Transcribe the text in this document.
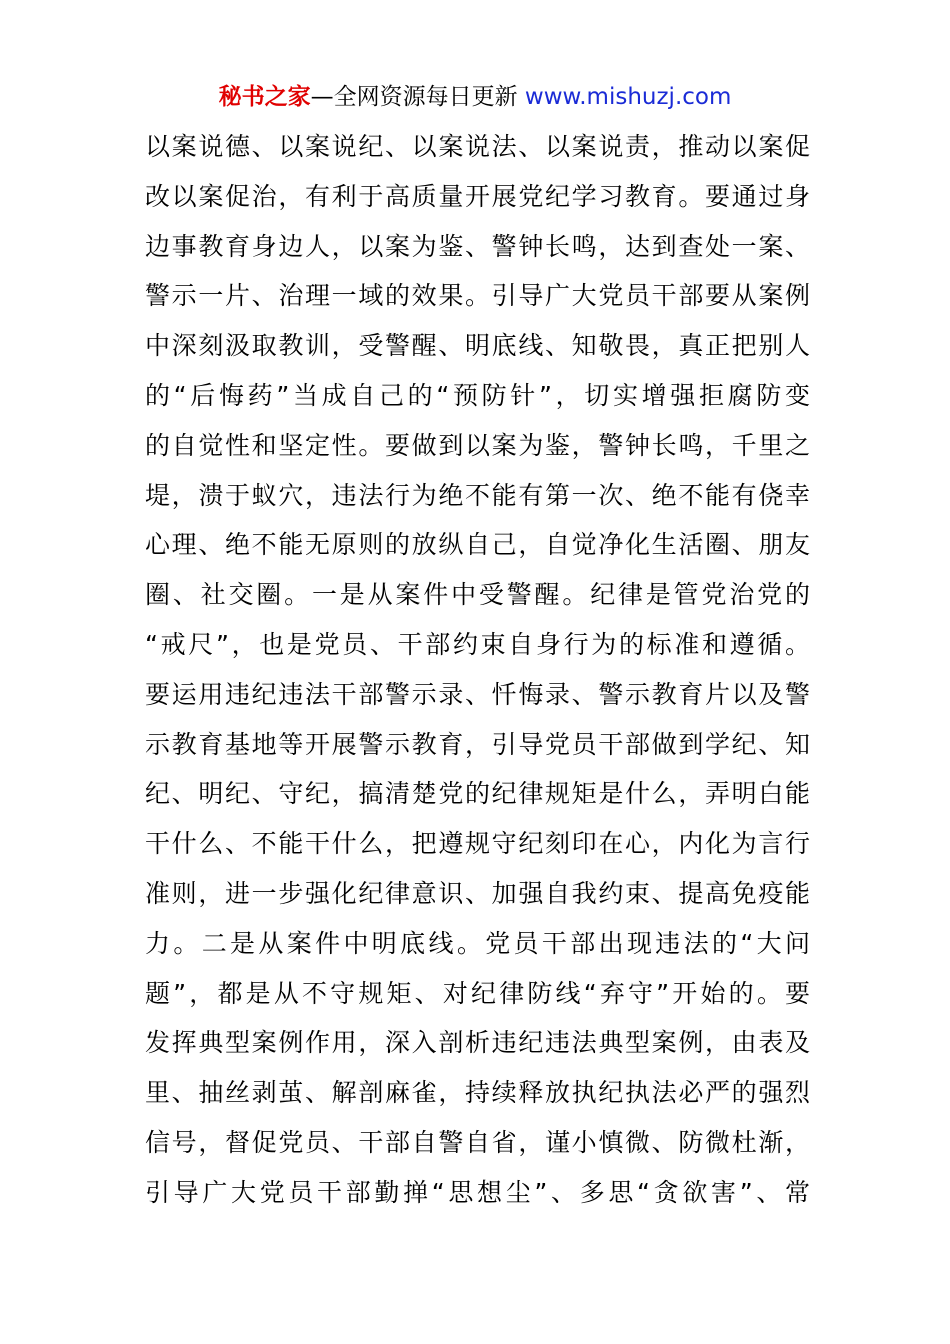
秘书之家—全网资源每日更新 www.mishuzj.com
以案说德、以案说纪、以案说法、以案说责，推动以案促
改以案促治，有利于高质量开展党纪学习教育。要通过身
边事教育身边人，以案为鉴、警钟长鸣，达到查处一案、
警示一片、治理一域的效果。引导广大党员干部要从案例
中深刻汲取教训，受警醒、明底线、知敬畏，真正把别人
的“后悔药”当成自己的“预防针”，切实增强拒腐防变
的自觉性和坚定性。要做到以案为鉴，警钟长鸣，千里之
堤，溃于蚁穴，违法行为绝不能有第一次、绝不能有侥幸
心理、绝不能无原则的放纵自己，自觉净化生活圈、朋友
圈、社交圈。一是从案件中受警醒。纪律是管党治党的
“戒尺”，也是党员、干部约束自身行为的标准和遵循。
要运用违纪违法干部警示录、忏悔录、警示教育片以及警
示教育基地等开展警示教育，引导党员干部做到学纪、知
纪、明纪、守纪，搞清楚党的纪律规矩是什么，弄明白能
干什么、不能干什么，把遵规守纪刻印在心，内化为言行
准则，进一步强化纪律意识、加强自我约束、提高免疫能
力。二是从案件中明底线。党员干部出现违法的“大问
题”，都是从不守规矩、对纪律防线“弃守”开始的。要
发挥典型案例作用，深入剖析违纪违法典型案例，由表及
里、抽丝剥茧、解剖麻雀，持续释放执纪执法必严的强烈
信号，督促党员、干部自警自省，谨小慎微、防微杜渐，
引导广大党员干部勤掸“思想尘”、多思“贪欲害”、常
